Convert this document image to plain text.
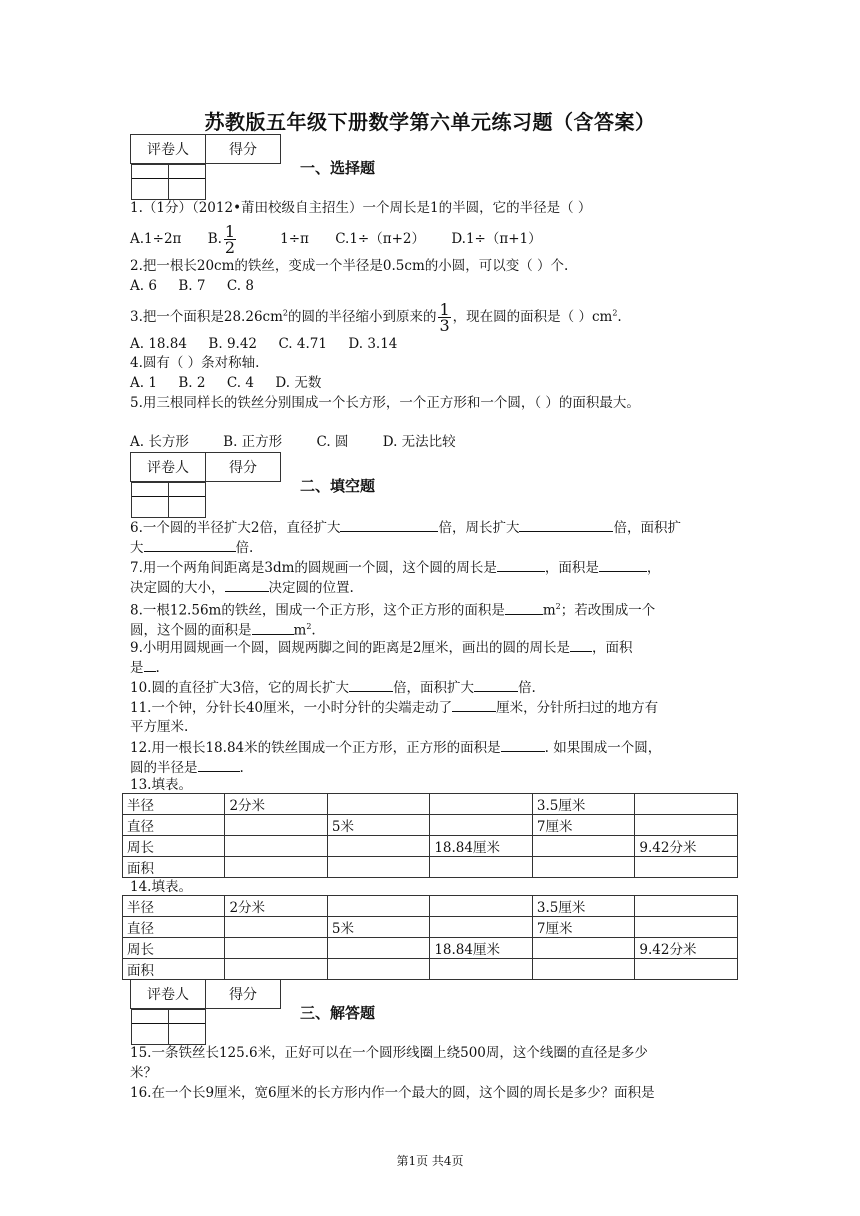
苏教版五年级下册数学第六单元练习题（含答案）
评卷人	得分

一、选择题
1.（1分）（2012•莆田校级自主招生）一个周长是1的半圆，它的半径是（ ）
A.1÷2π B. $\frac{1}{2} 1\div\pi$ C.1÷（π+2） D.1÷（π+1）
2.把一根长20cm的铁丝，变成一个半径是0.5cm的小圆，可以变（ ）个.
A. 6     B. 7     C. 8
3.把一个面积是$28.26cm^2$的圆的半径缩小到原来的 $\frac{1}{3}$ ，现在圆的面积是（ ）$cm^2$.
A. 18.84     B. 9.42     C. 4.71     D. 3.14
4.圆有（ ）条对称轴.
A. 1     B. 2     C. 4     D. 无数
5.用三根同样长的铁丝分别围成一个长方形，一个正方形和一个圆，（ ）的面积最大。
A. 长方形        B. 正方形        C. 圆        D. 无法比较
评卷人	得分

二、填空题
6.一个圆的半径扩大2倍，直径扩大	倍，周长扩大	倍，面积扩
大	倍.
7.用一个两角间距离是3dm的圆规画一个圆，这个圆的周长是	，面积是	，
决定圆的大小，	决定圆的位置.
8.一根12.56m的铁丝，围成一个正方形，这个正方形的面积是	$m^2$；若改围成一个
圆，这个圆的面积是	$m^2$.
9.小明用圆规画一个圆，圆规两脚之间的距离是2厘米，画出的圆的周长是 ，面积
是 .
10.圆的直径扩大3倍，它的周长扩大	倍，面积扩大	倍.
11.一个钟，分针长40厘米，一小时分针的尖端走动了	厘米，分针所扫过的地方有
平方厘米.
12.用一根长18.84米的铁丝围成一个正方形，正方形的面积是	. 如果围成一个圆，
圆的半径是	.
13.填表。
半径	2分米			3.5厘米	
直径		5米		7厘米	
周长			18.84厘米		9.42分米
面积					
14.填表。
半径	2分米			3.5厘米	
直径		5米		7厘米	
周长			18.84厘米		9.42分米
面积					
评卷人	得分

三、解答题
15.一条铁丝长125.6米，正好可以在一个圆形线圈上绕500周，这个线圈的直径是多少
米？
16.在一个长9厘米，宽6厘米的长方形内作一个最大的圆，这个圆的周长是多少？面积是
第1页 共4页
